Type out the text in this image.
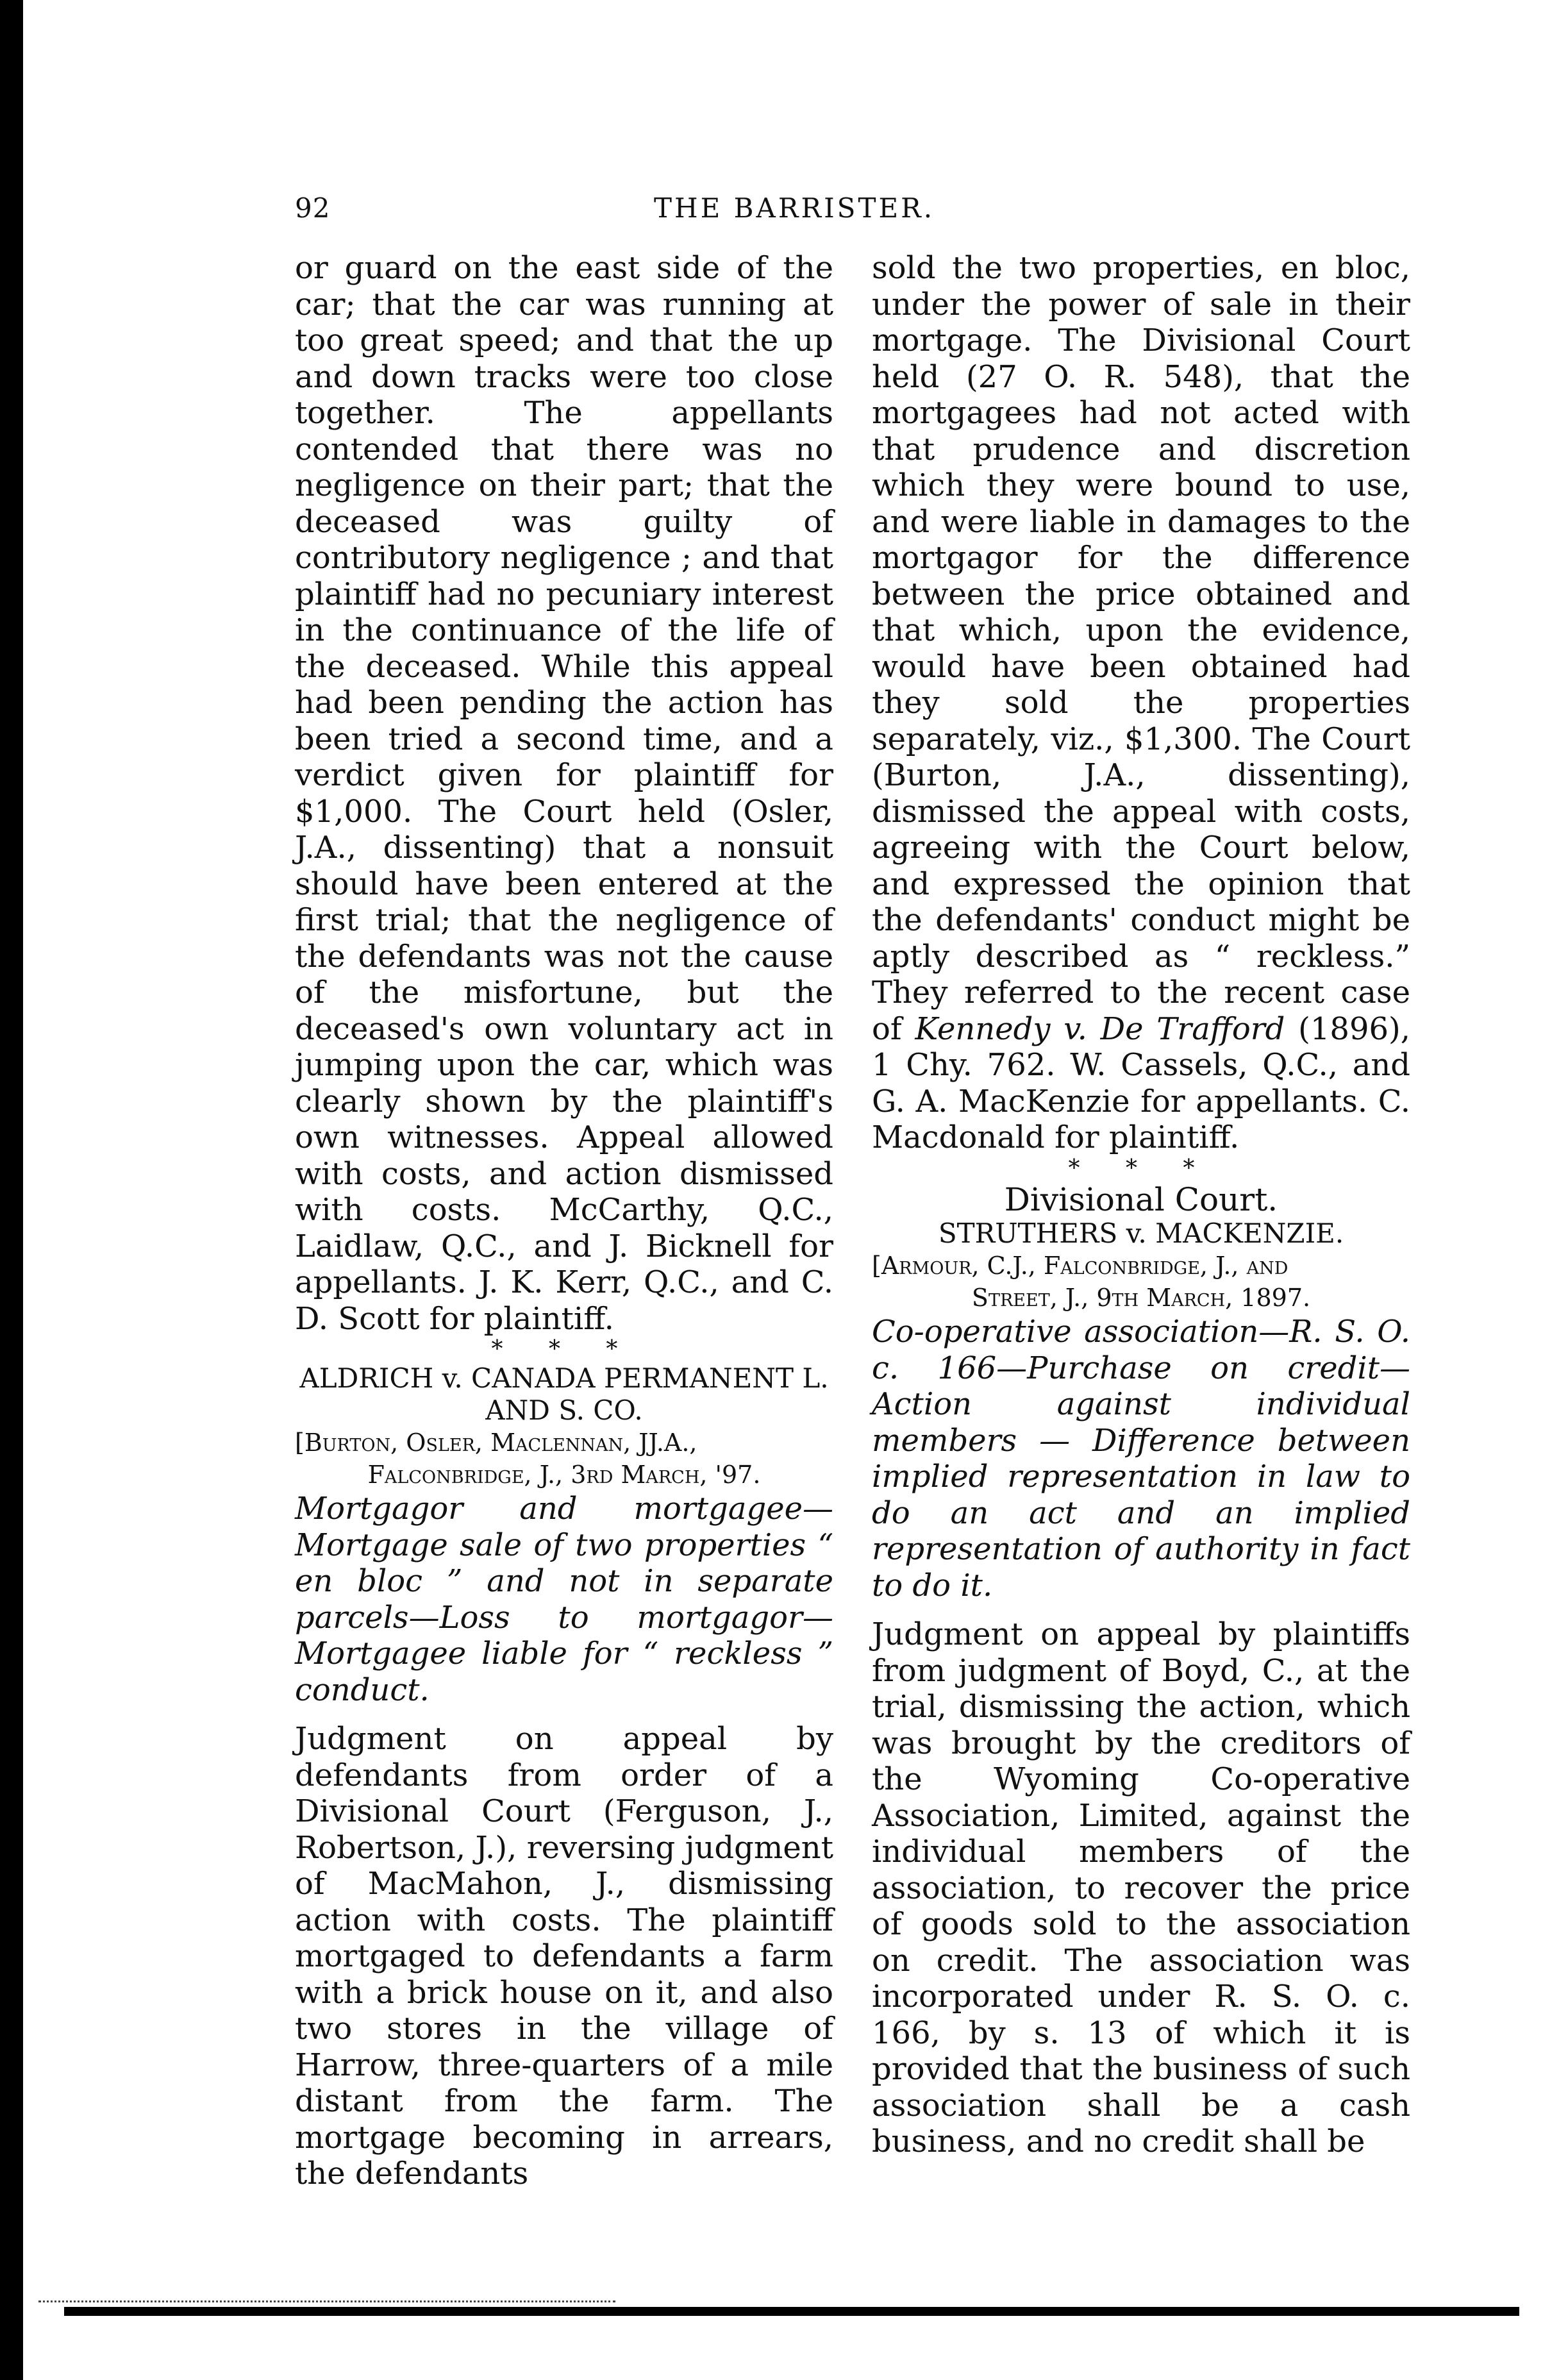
92	THE BARRISTER.

or guard on the east side of the car; that the car was running at too great speed; and that the up and down tracks were too close together. The appellants contended that there was no negligence on their part; that the deceased was guilty of contributory negligence ; and that plaintiff had no pecuniary interest in the continuance of the life of the deceased. While this appeal had been pending the action has been tried a second time, and a verdict given for plaintiff for $1,000. The Court held (Osler, J.A., dissenting) that a nonsuit should have been entered at the first trial; that the negligence of the defendants was not the cause of the misfortune, but the deceased's own voluntary act in jumping upon the car, which was clearly shown by the plaintiff's own witnesses. Appeal allowed with costs, and action dismissed with costs. McCarthy, Q.C., Laidlaw, Q.C., and J. Bicknell for appellants. J. K. Kerr, Q.C., and C. D. Scott for plaintiff.

* * *

ALDRICH v. CANADA PERMANENT L. AND S. CO.

[Burton, Osler, Maclennan, JJ.A.,
Falconbridge, J., 3rd March, '97.

Mortgagor and mortgagee—Mortgage sale of two properties “ en bloc ” and not in separate parcels—Loss to mortgagor—Mortgagee liable for “ reckless ” conduct.

Judgment on appeal by defendants from order of a Divisional Court (Ferguson, J., Robertson, J.), reversing judgment of MacMahon, J., dismissing action with costs. The plaintiff mortgaged to defendants a farm with a brick house on it, and also two stores in the village of Harrow, three-quarters of a mile distant from the farm. The mortgage becoming in arrears, the defendants

sold the two properties, en bloc, under the power of sale in their mortgage. The Divisional Court held (27 O. R. 548), that the mortgagees had not acted with that prudence and discretion which they were bound to use, and were liable in damages to the mortgagor for the difference between the price obtained and that which, upon the evidence, would have been obtained had they sold the properties separately, viz., $1,300. The Court (Burton, J.A., dissenting), dismissed the appeal with costs, agreeing with the Court below, and expressed the opinion that the defendants' conduct might be aptly described as “ reckless.” They referred to the recent case of Kennedy v. De Trafford (1896), 1 Chy. 762. W. Cassels, Q.C., and G. A. MacKenzie for appellants. C. Macdonald for plaintiff.

* * *

Divisional Court.

STRUTHERS v. MACKENZIE.

[Armour, C.J., Falconbridge, J., and
Street, J., 9th March, 1897.

Co-operative association—R. S. O. c. 166—Purchase on credit—Action against individual members — Difference between implied representation in law to do an act and an implied representation of authority in fact to do it.

Judgment on appeal by plaintiffs from judgment of Boyd, C., at the trial, dismissing the action, which was brought by the creditors of the Wyoming Co-operative Association, Limited, against the individual members of the association, to recover the price of goods sold to the association on credit. The association was incorporated under R. S. O. c. 166, by s. 13 of which it is provided that the business of such association shall be a cash business, and no credit shall be
